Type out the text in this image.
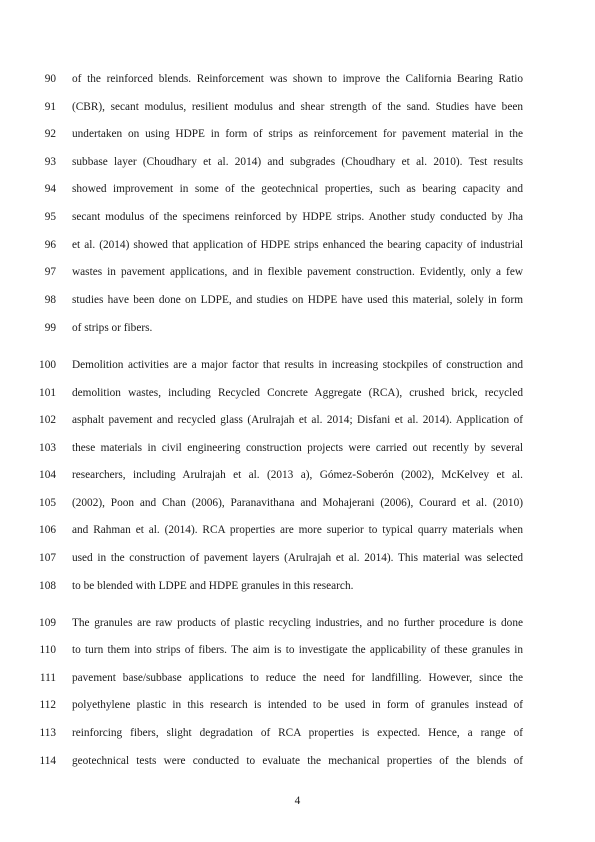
90 of the reinforced blends. Reinforcement was shown to improve the California Bearing Ratio
91 (CBR), secant modulus, resilient modulus and shear strength of the sand. Studies have been
92 undertaken on using HDPE in form of strips as reinforcement for pavement material in the
93 subbase layer (Choudhary et al. 2014) and subgrades (Choudhary et al. 2010). Test results
94 showed improvement in some of the geotechnical properties, such as bearing capacity and
95 secant modulus of the specimens reinforced by HDPE strips. Another study conducted by Jha
96 et al. (2014) showed that application of HDPE strips enhanced the bearing capacity of industrial
97 wastes in pavement applications, and in flexible pavement construction. Evidently, only a few
98 studies have been done on LDPE, and studies on HDPE have used this material, solely in form
99 of strips or fibers.
100 Demolition activities are a major factor that results in increasing stockpiles of construction and
101 demolition wastes, including Recycled Concrete Aggregate (RCA), crushed brick, recycled
102 asphalt pavement and recycled glass (Arulrajah et al. 2014; Disfani et al. 2014). Application of
103 these materials in civil engineering construction projects were carried out recently by several
104 researchers, including Arulrajah et al. (2013 a), Gómez-Soberón (2002), McKelvey et al.
105 (2002), Poon and Chan (2006), Paranavithana and Mohajerani (2006), Courard et al. (2010)
106 and Rahman et al. (2014). RCA properties are more superior to typical quarry materials when
107 used in the construction of pavement layers (Arulrajah et al. 2014). This material was selected
108 to be blended with LDPE and HDPE granules in this research.
109 The granules are raw products of plastic recycling industries, and no further procedure is done
110 to turn them into strips of fibers. The aim is to investigate the applicability of these granules in
111 pavement base/subbase applications to reduce the need for landfilling. However, since the
112 polyethylene plastic in this research is intended to be used in form of granules instead of
113 reinforcing fibers, slight degradation of RCA properties is expected. Hence, a range of
114 geotechnical tests were conducted to evaluate the mechanical properties of the blends of
4
